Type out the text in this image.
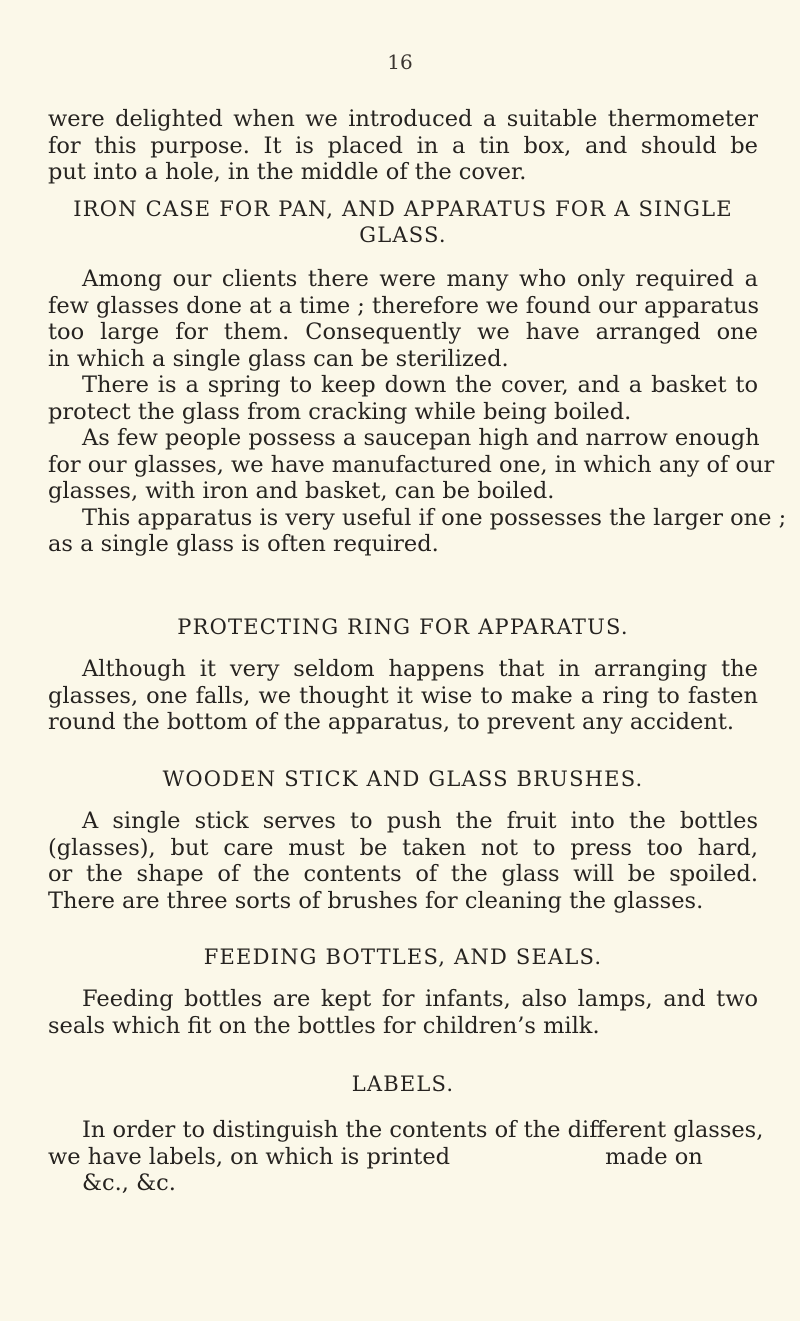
16
were delighted when we introduced a suitable thermometer
for this purpose. It is placed in a tin box, and should be
put into a hole, in the middle of the cover.
IRON CASE FOR PAN, AND APPARATUS FOR A SINGLE
GLASS.
Among our clients there were many who only required a
few glasses done at a time ; therefore we found our apparatus
too large for them. Consequently we have arranged one
in which a single glass can be sterilized.
There is a spring to keep down the cover, and a basket to
protect the glass from cracking while being boiled.
As few people possess a saucepan high and narrow enough
for our glasses, we have manufactured one, in which any of our
glasses, with iron and basket, can be boiled.
This apparatus is very useful if one possesses the larger one ;
as a single glass is often required.
PROTECTING RING FOR APPARATUS.
Although it very seldom happens that in arranging the
glasses, one falls, we thought it wise to make a ring to fasten
round the bottom of the apparatus, to prevent any accident.
WOODEN STICK AND GLASS BRUSHES.
A single stick serves to push the fruit into the bottles
(glasses), but care must be taken not to press too hard,
or the shape of the contents of the glass will be spoiled.
There are three sorts of brushes for cleaning the glasses.
FEEDING BOTTLES, AND SEALS.
Feeding bottles are kept for infants, also lamps, and two
seals which fit on the bottles for children’s milk.
LABELS.
In order to distinguish the contents of the different glasses,
we have labels, on which is printed	made on
&c., &c.
